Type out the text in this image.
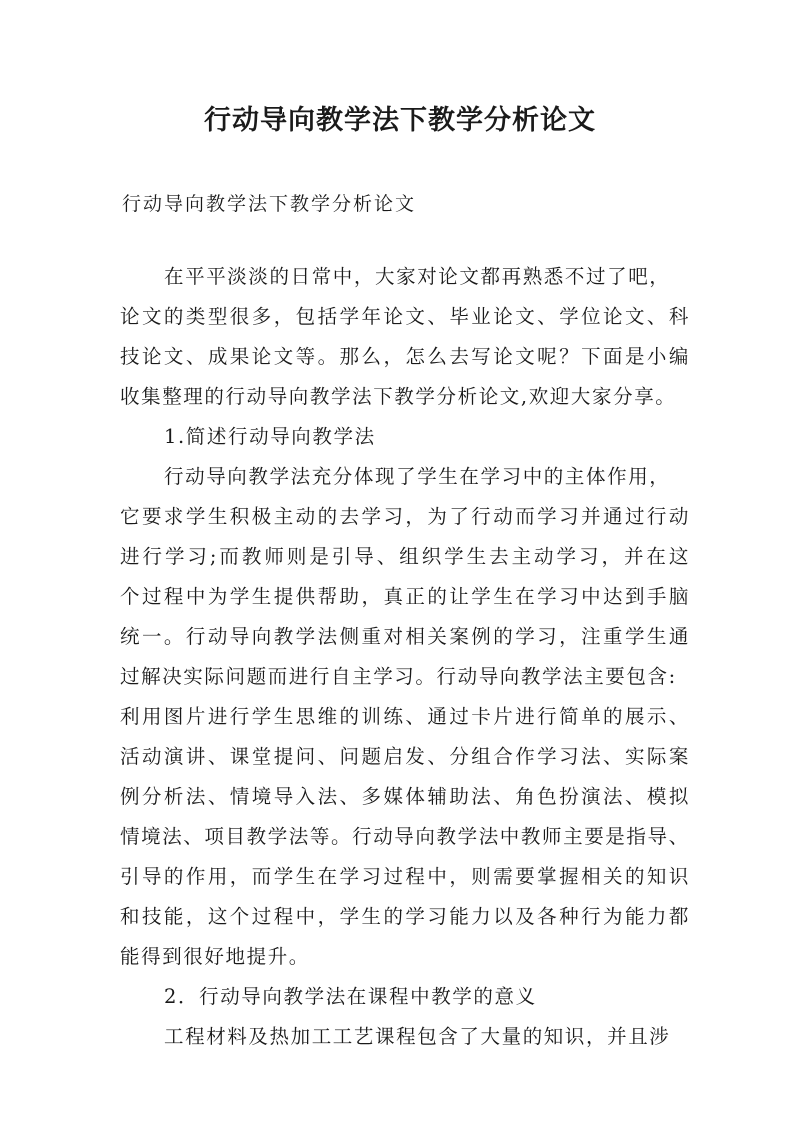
行动导向教学法下教学分析论文

行动导向教学法下教学分析论文

在平平淡淡的日常中，大家对论文都再熟悉不过了吧，
论文的类型很多，包括学年论文、毕业论文、学位论文、科
技论文、成果论文等。那么，怎么去写论文呢？下面是小编
收集整理的行动导向教学法下教学分析论文,欢迎大家分享。
1.简述行动导向教学法
行动导向教学法充分体现了学生在学习中的主体作用，
它要求学生积极主动的去学习，为了行动而学习并通过行动
进行学习;而教师则是引导、组织学生去主动学习，并在这
个过程中为学生提供帮助，真正的让学生在学习中达到手脑
统一。行动导向教学法侧重对相关案例的学习，注重学生通
过解决实际问题而进行自主学习。行动导向教学法主要包含:
利用图片进行学生思维的训练、通过卡片进行简单的展示、
活动演讲、课堂提问、问题启发、分组合作学习法、实际案
例分析法、情境导入法、多媒体辅助法、角色扮演法、模拟
情境法、项目教学法等。行动导向教学法中教师主要是指导、
引导的作用，而学生在学习过程中，则需要掌握相关的知识
和技能，这个过程中，学生的学习能力以及各种行为能力都
能得到很好地提升。
2．行动导向教学法在课程中教学的意义
工程材料及热加工工艺课程包含了大量的知识，并且涉
